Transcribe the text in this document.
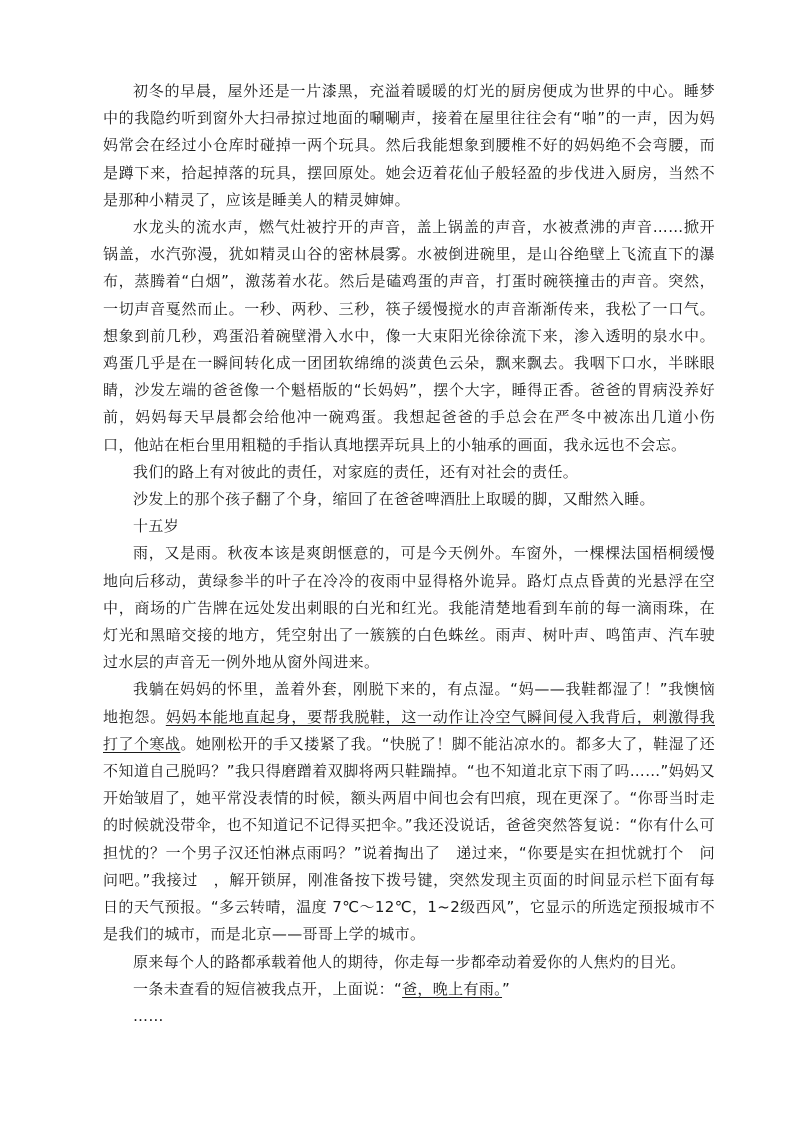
初冬的早晨，屋外还是一片漆黑，充溢着暖暖的灯光的厨房便成为世界的中心。睡梦中的我隐约听到窗外大扫帚掠过地面的唰唰声，接着在屋里往往会有“啪”的一声，因为妈妈常会在经过小仓库时碰掉一两个玩具。然后我能想象到腰椎不好的妈妈绝不会弯腰，而是蹲下来，拾起掉落的玩具，摆回原处。她会迈着花仙子般轻盈的步伐进入厨房，当然不是那种小精灵了，应该是睡美人的精灵婶婶。

水龙头的流水声，燃气灶被拧开的声音，盖上锅盖的声音，水被煮沸的声音……掀开锅盖，水汽弥漫，犹如精灵山谷的密林晨雾。水被倒进碗里，是山谷绝壁上飞流直下的瀑布，蒸腾着“白烟”，激荡着水花。然后是磕鸡蛋的声音，打蛋时碗筷撞击的声音。突然，一切声音戛然而止。一秒、两秒、三秒，筷子缓慢搅水的声音渐渐传来，我松了一口气。想象到前几秒，鸡蛋沿着碗壁滑入水中，像一大束阳光徐徐流下来，渗入透明的泉水中。鸡蛋几乎是在一瞬间转化成一团团软绵绵的淡黄色云朵，飘来飘去。我咽下口水，半眯眼睛，沙发左端的爸爸像一个魁梧版的“长妈妈”，摆个大字，睡得正香。爸爸的胃病没养好前，妈妈每天早晨都会给他冲一碗鸡蛋。我想起爸爸的手总会在严冬中被冻出几道小伤口，他站在柜台里用粗糙的手指认真地摆弄玩具上的小轴承的画面，我永远也不会忘。

我们的路上有对彼此的责任，对家庭的责任，还有对社会的责任。

沙发上的那个孩子翻了个身，缩回了在爸爸啤酒肚上取暖的脚，又酣然入睡。

十五岁

雨，又是雨。秋夜本该是爽朗惬意的，可是今天例外。车窗外，一棵棵法国梧桐缓慢地向后移动，黄绿参半的叶子在冷冷的夜雨中显得格外诡异。路灯点点昏黄的光悬浮在空中，商场的广告牌在远处发出刺眼的白光和红光。我能清楚地看到车前的每一滴雨珠，在灯光和黑暗交接的地方，凭空射出了一簇簇的白色蛛丝。雨声、树叶声、鸣笛声、汽车驶过水层的声音无一例外地从窗外闯进来。

我躺在妈妈的怀里，盖着外套，刚脱下来的，有点湿。“妈——我鞋都湿了！”我懊恼地抱怨。妈妈本能地直起身，要帮我脱鞋，这一动作让冷空气瞬间侵入我背后，刺激得我打了个寒战。她刚松开的手又搂紧了我。“快脱了！脚不能沾凉水的。都多大了，鞋湿了还不知道自己脱吗？”我只得磨蹭着双脚将两只鞋踹掉。“也不知道北京下雨了吗……”妈妈又开始皱眉了，她平常没表情的时候，额头两眉中间也会有凹痕，现在更深了。“你哥当时走的时候就没带伞，也不知道记不记得买把伞。”我还没说话，爸爸突然答复说：“你有什么可担忧的？一个男子汉还怕淋点雨吗？”说着掏出了　递过来，“你要是实在担忧就打个　问问吧。”我接过　，解开锁屏，刚准备按下拨号键，突然发现主页面的时间显示栏下面有每日的天气预报。“多云转晴，温度 7℃～12℃，1~2级西风”，它显示的所选定预报城市不是我们的城市，而是北京——哥哥上学的城市。

原来每个人的路都承载着他人的期待，你走每一步都牵动着爱你的人焦灼的目光。

一条未查看的短信被我点开，上面说：“爸，晚上有雨。”

……
